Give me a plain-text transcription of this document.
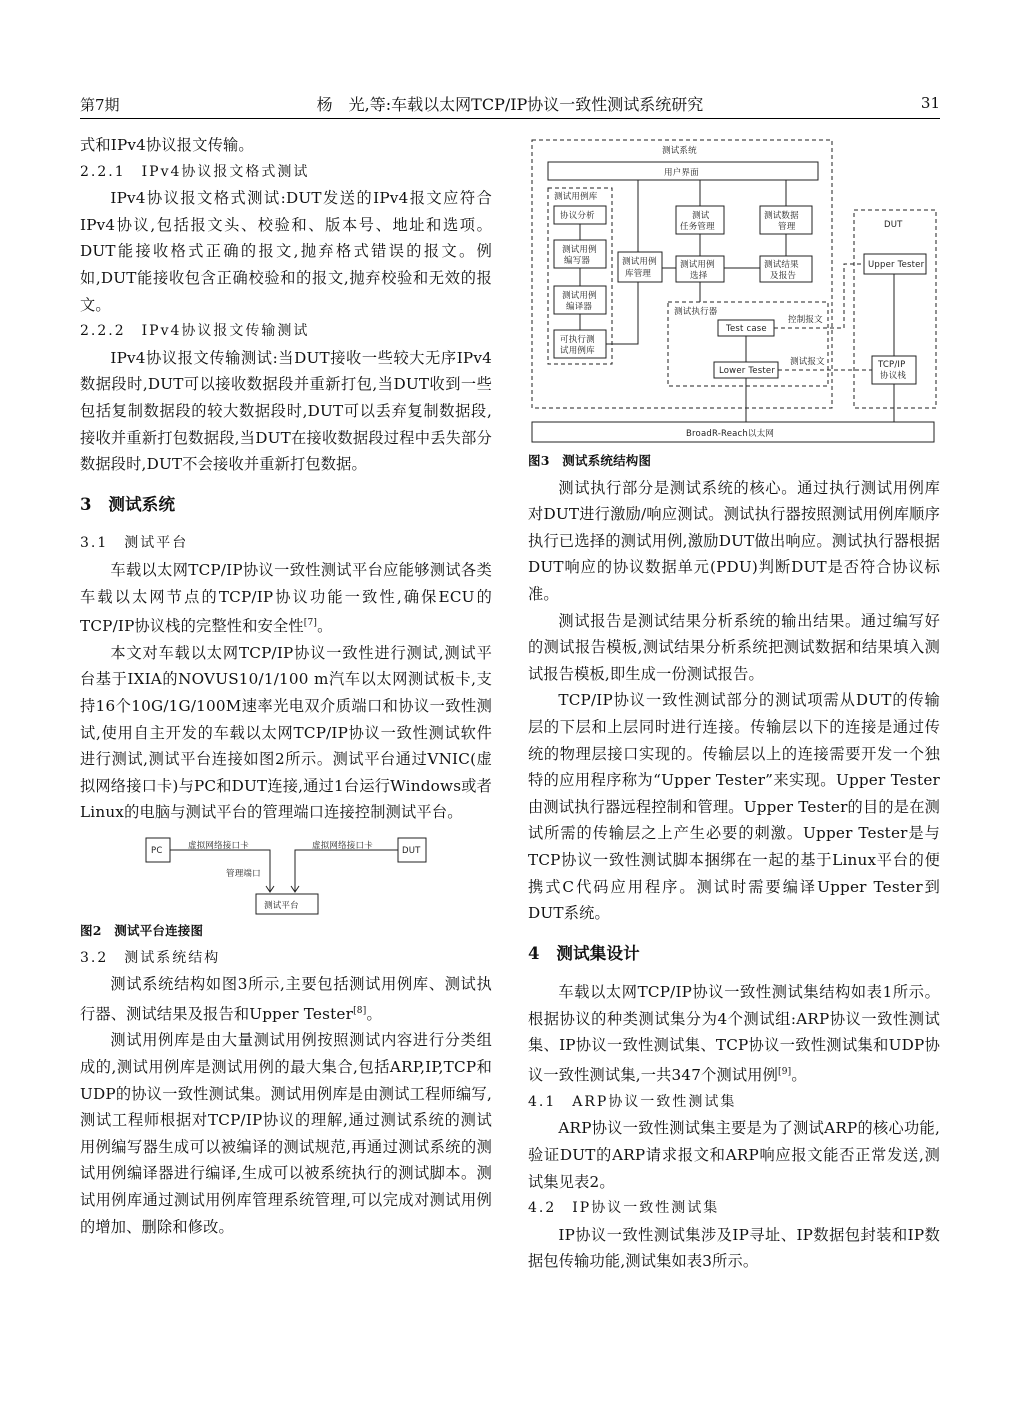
第7期	杨　光,等:车载以太网TCP/IP协议一致性测试系统研究	31

式和IPv4协议报文传输。

2.2.1　IPv4协议报文格式测试

IPv4协议报文格式测试:DUT发送的IPv4报文应符合IPv4协议,包括报文头、校验和、版本号、地址和选项。DUT能接收格式正确的报文,抛弃格式错误的报文。例如,DUT能接收包含正确校验和的报文,抛弃校验和无效的报文。

2.2.2　IPv4协议报文传输测试

IPv4协议报文传输测试:当DUT接收一些较大无序IPv4数据段时,DUT可以接收数据段并重新打包,当DUT收到一些包括复制数据段的较大数据段时,DUT可以丢弃复制数据段,接收并重新打包数据段,当DUT在接收数据段过程中丢失部分数据段时,DUT不会接收并重新打包数据。

3　测试系统

3.1　测试平台

车载以太网TCP/IP协议一致性测试平台应能够测试各类车载以太网节点的TCP/IP协议功能一致性,确保ECU的TCP/IP协议栈的完整性和安全性[7]。

本文对车载以太网TCP/IP协议一致性进行测试,测试平台基于IXIA的NOVUS10/1/100 m汽车以太网测试板卡,支持16个10G/1G/100M速率光电双介质端口和协议一致性测试,使用自主开发的车载以太网TCP/IP协议一致性测试软件进行测试,测试平台连接如图2所示。测试平台通过VNIC(虚拟网络接口卡)与PC和DUT连接,通过1台运行Windows或者Linux的电脑与测试平台的管理端口连接控制测试平台。

PC	DUT
虚拟网络接口卡	虚拟网络接口卡
管理端口
测试平台

图2　测试平台连接图

3.2　测试系统结构

测试系统结构如图3所示,主要包括测试用例库、测试执行器、测试结果及报告和Upper Tester[8]。

测试用例库是由大量测试用例按照测试内容进行分类组成的,测试用例库是测试用例的最大集合,包括ARP,IP,TCP和UDP的协议一致性测试集。测试用例库是由测试工程师编写,测试工程师根据对TCP/IP协议的理解,通过测试系统的测试用例编写器生成可以被编译的测试规范,再通过测试系统的测试用例编译器进行编译,生成可以被系统执行的测试脚本。测试用例库通过测试用例库管理系统管理,可以完成对测试用例的增加、删除和修改。

测试系统
用户界面
测试用例库
协议分析
测试用例
编写器
测试用例
编译器
可执行测
试用例库
测试用例
库管理
测试
任务管理
测试数据
管理
测试用例
选择
测试结果
及报告
测试执行器
Test case
Lower Tester
DUT
Upper Tester
TCP/IP
协议栈
控制报文
测试报文
BroadR-Reach以太网

图3　测试系统结构图

测试执行部分是测试系统的核心。通过执行测试用例库对DUT进行激励/响应测试。测试执行器按照测试用例库顺序执行已选择的测试用例,激励DUT做出响应。测试执行器根据DUT响应的协议数据单元(PDU)判断DUT是否符合协议标准。

测试报告是测试结果分析系统的输出结果。通过编写好的测试报告模板,测试结果分析系统把测试数据和结果填入测试报告模板,即生成一份测试报告。

TCP/IP协议一致性测试部分的测试项需从DUT的传输层的下层和上层同时进行连接。传输层以下的连接是通过传统的物理层接口实现的。传输层以上的连接需要开发一个独特的应用程序称为“Upper Tester”来实现。Upper Tester由测试执行器远程控制和管理。Upper Tester的目的是在测试所需的传输层之上产生必要的刺激。Upper Tester是与TCP协议一致性测试脚本捆绑在一起的基于Linux平台的便携式C代码应用程序。测试时需要编译Upper Tester到DUT系统。

4　测试集设计

车载以太网TCP/IP协议一致性测试集结构如表1所示。根据协议的种类测试集分为4个测试组:ARP协议一致性测试集、IP协议一致性测试集、TCP协议一致性测试集和UDP协议一致性测试集,一共347个测试用例[9]。

4.1　ARP协议一致性测试集

ARP协议一致性测试集主要是为了测试ARP的核心功能,验证DUT的ARP请求报文和ARP响应报文能否正常发送,测试集见表2。

4.2　IP协议一致性测试集

IP协议一致性测试集涉及IP寻址、IP数据包封装和IP数据包传输功能,测试集如表3所示。
